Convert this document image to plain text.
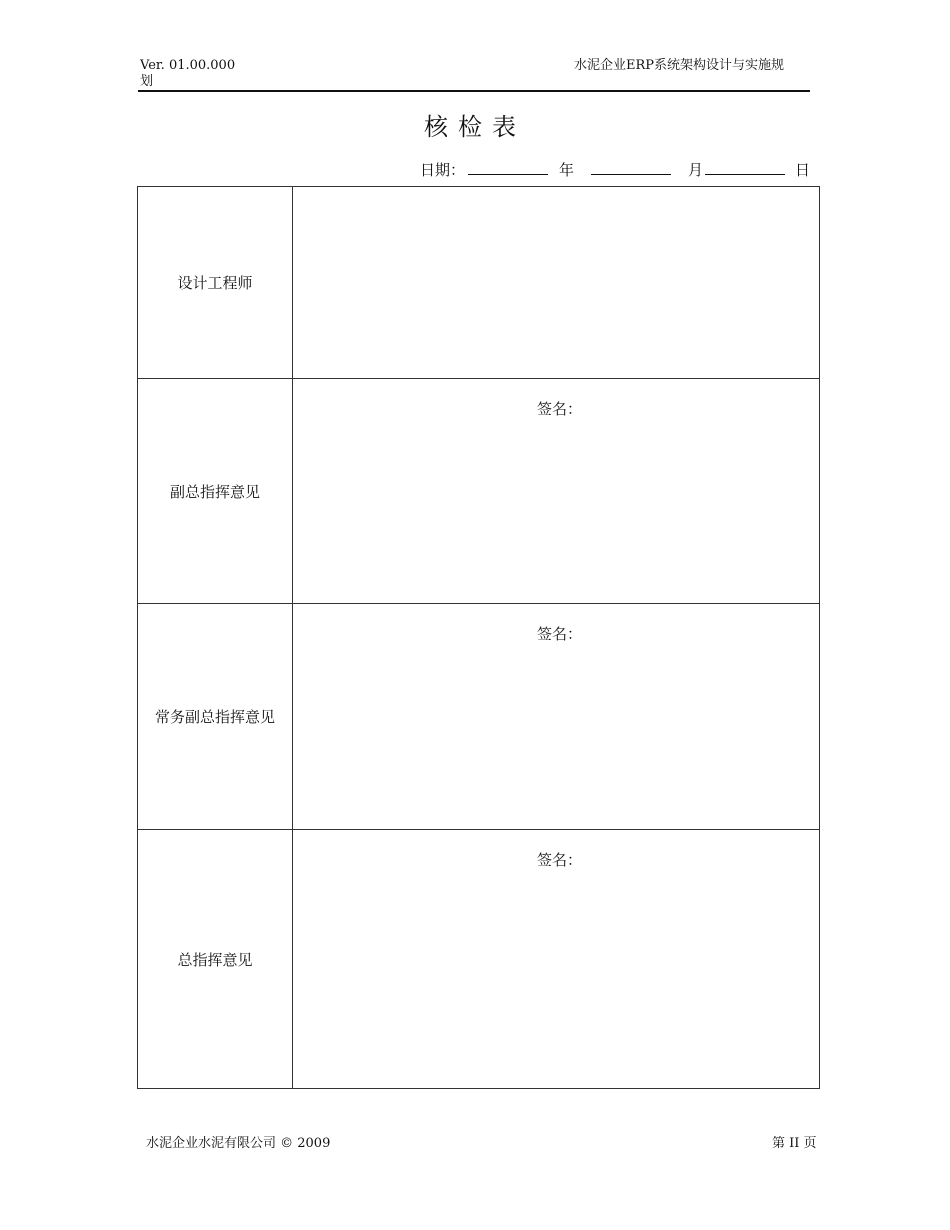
Ver. 01.00.000	水泥企业ERP系统架构设计与实施规
划
核检表
日期：	年	月	日
设计工程师	
副总指挥意见	签名：

常务副总指挥意见	签名：

总指挥意见	签名：
水泥企业水泥有限公司 © 2009	第 II 页
